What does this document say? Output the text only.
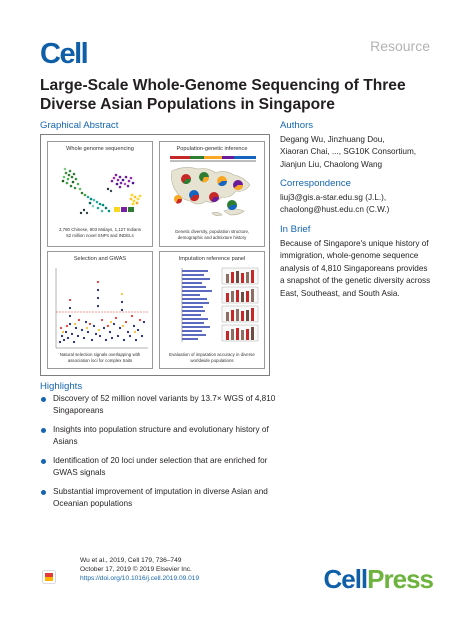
Cell	Resource
Large-Scale Whole-Genome Sequencing of Three Diverse Asian Populations in Singapore
Graphical Abstract
Whole genome sequencing
2,780 Chinese, 903 Malays, 1,127 Indians
52 million novel SNPs and INDELs
Population-genetic inference
Genetic diversity, population structure,
demographic and admixture history
Selection and GWAS
Natural selection signals overlapping with
association loci for complex traits
Imputation reference panel
Evaluation of imputation accuracy in diverse
worldwide populations
Authors
Degang Wu, Jinzhuang Dou,
Xiaoran Chai, ..., SG10K Consortium,
Jianjun Liu, Chaolong Wang
Correspondence
liuj3@gis.a-star.edu.sg (J.L.),
chaolong@hust.edu.cn (C.W.)
In Brief
Because of Singapore's unique history of
immigration, whole-genome sequence
analysis of 4,810 Singaporeans provides
a snapshot of the genetic diversity across
East, Southeast, and South Asia.
Highlights
Discovery of 52 million novel variants by 13.7× WGS of 4,810
Singaporeans
Insights into population structure and evolutionary history of
Asians
Identification of 20 loci under selection that are enriched for
GWAS signals
Substantial improvement of imputation in diverse Asian and
Oceanian populations
Wu et al., 2019, Cell 179, 736–749
October 17, 2019 © 2019 Elsevier Inc.
https://doi.org/10.1016/j.cell.2019.09.019	CellPress
